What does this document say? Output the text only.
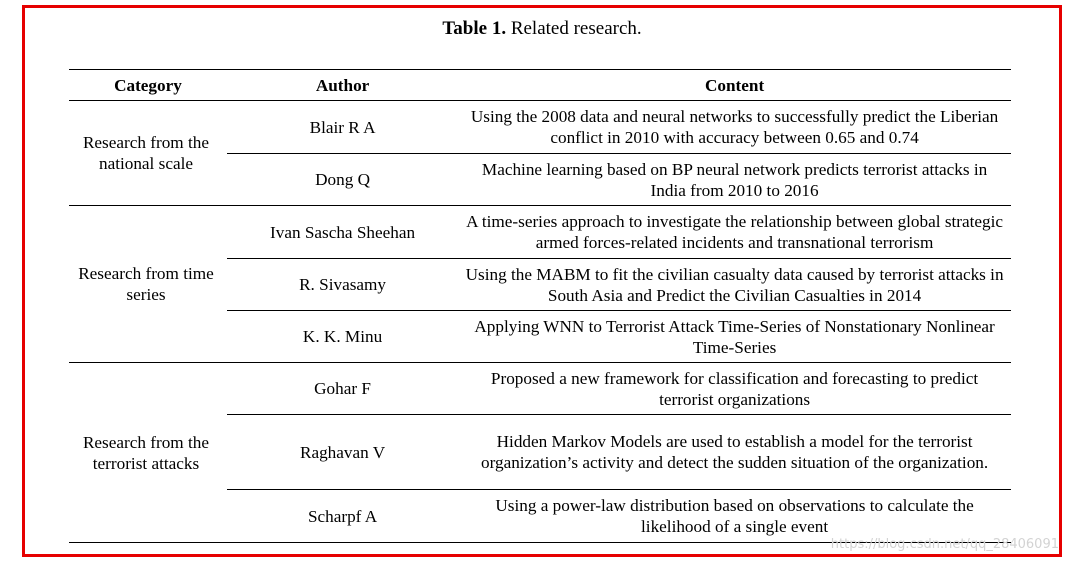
Table 1. Related research.
Category	Author	Content
Research from the national scale	Blair R A	Using the 2008 data and neural networks to successfully predict the Liberian conflict in 2010 with accuracy between 0.65 and 0.74
	Dong Q	Machine learning based on BP neural network predicts terrorist attacks in India from 2010 to 2016
Research from time series	Ivan Sascha Sheehan	A time-series approach to investigate the relationship between global strategic armed forces-related incidents and transnational terrorism
	R. Sivasamy	Using the MABM to fit the civilian casualty data caused by terrorist attacks in South Asia and Predict the Civilian Casualties in 2014
	K. K. Minu	Applying WNN to Terrorist Attack Time-Series of Nonstationary Nonlinear Time-Series
Research from the terrorist attacks	Gohar F	Proposed a new framework for classification and forecasting to predict terrorist organizations
	Raghavan V	Hidden Markov Models are used to establish a model for the terrorist organization’s activity and detect the sudden situation of the organization.
	Scharpf A	Using a power-law distribution based on observations to calculate the likelihood of a single event
https://blog.csdn.net/qq_28406091
